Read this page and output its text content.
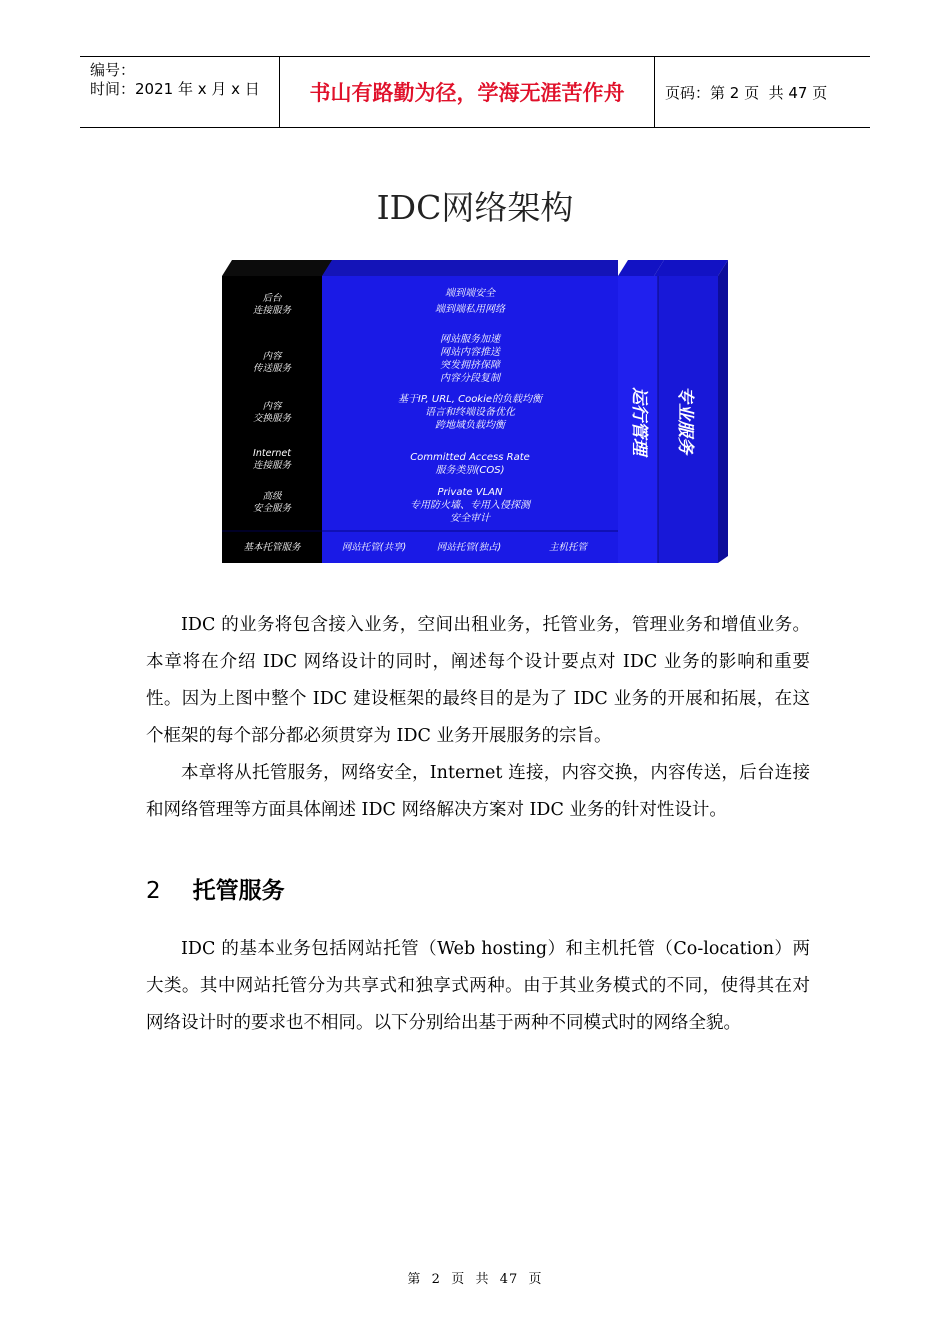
编号：
时间：2021 年 x 月 x 日	书山有路勤为径，学海无涯苦作舟	页码：第 2 页  共 47 页
IDC网络架构
后台
连接服务
端到端安全
端到端私用网络
内容
传送服务
网站服务加速
网站内容推送
突发拥挤保障
内容分段复制
内容
交换服务
基于IP, URL, Cookie的负载均衡
语言和终端设备优化
跨地域负载均衡
Internet
连接服务
Committed Access Rate
服务类别(COS)
高级
安全服务
Private VLAN
专用防火墙、专用入侵探测
安全审计
基本托管服务	网站托管(共享)	网站托管(独占)	主机托管
运行管理 专业服务

IDC 的业务将包含接入业务，空间出租业务，托管业务，管理业务和增值业务。本章将在介绍 IDC 网络设计的同时，阐述每个设计要点对 IDC 业务的影响和重要性。因为上图中整个 IDC 建设框架的最终目的是为了 IDC 业务的开展和拓展，在这个框架的每个部分都必须贯穿为 IDC 业务开展服务的宗旨。

本章将从托管服务，网络安全，Internet 连接，内容交换，内容传送，后台连接和网络管理等方面具体阐述 IDC 网络解决方案对 IDC 业务的针对性设计。

2 托管服务

IDC 的基本业务包括网站托管（Web hosting）和主机托管（Co-location）两大类。其中网站托管分为共享式和独享式两种。由于其业务模式的不同，使得其在对网络设计时的要求也不相同。以下分别给出基于两种不同模式时的网络全貌。

第  2  页  共  47  页
